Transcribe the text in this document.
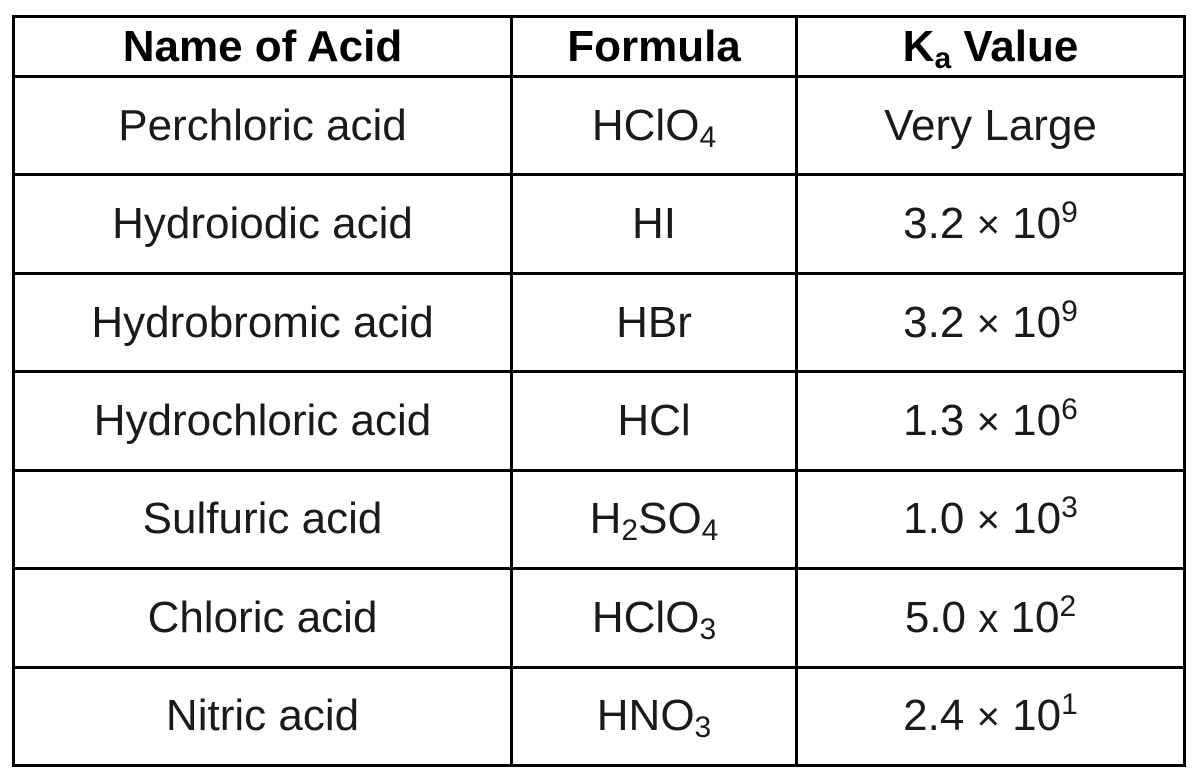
Name of Acid	Formula	$K_a$ Value
Perchloric acid	HClO$_4$	Very Large
Hydroiodic acid	HI	$3.2 \times 10^9$
Hydrobromic acid	HBr	$3.2 \times 10^9$
Hydrochloric acid	HCl	$1.3 \times 10^6$
Sulfuric acid	$H_2SO_4$	$1.0 \times 10^3$
Chloric acid	HClO$_3$	5.0 x $10^2$
Nitric acid	$HNO_3$	$2.4 \times 10^1$
